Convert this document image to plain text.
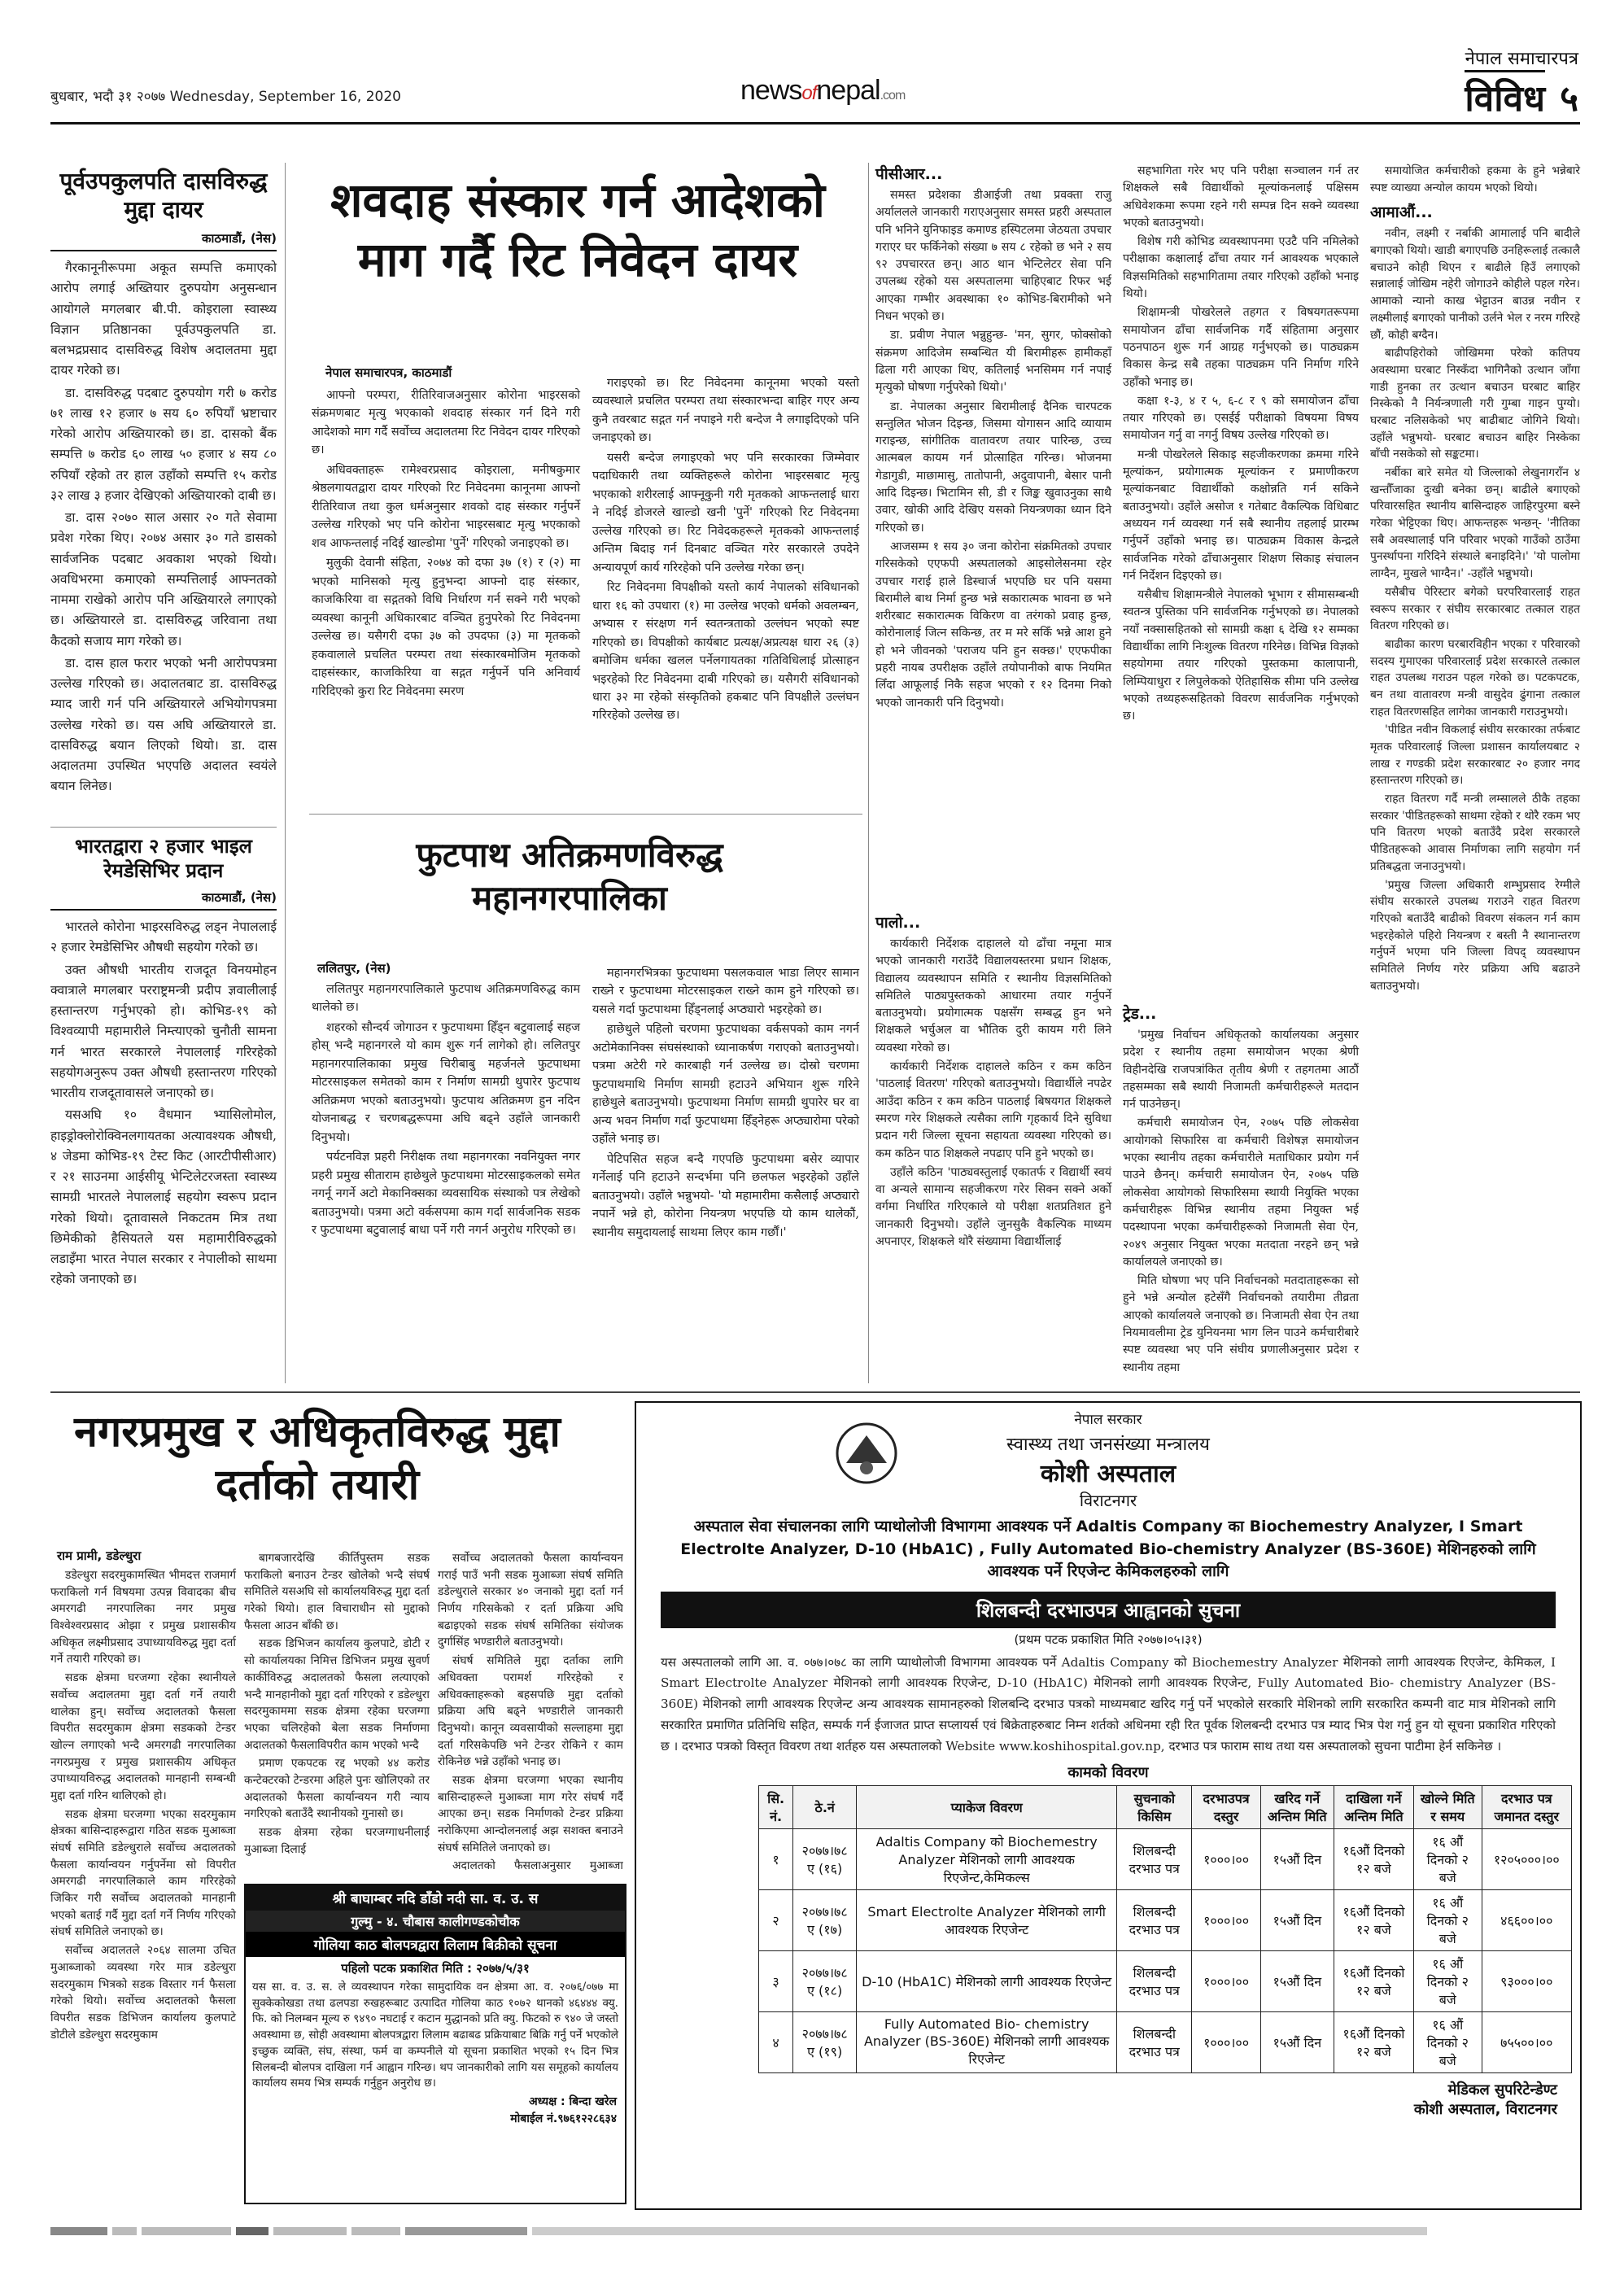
बुधबार, भदौ ३१ २०७७ Wednesday, September 16, 2020	newsofnepal.com
नेपाल समाचारपत्र
विविध ५
पूर्वउपकुलपति दासविरुद्ध मुद्दा दायर
काठमाडौं, (नेस)

गैरकानूनीरूपमा अकूत सम्पत्ति कमाएको आरोप लगाई अख्तियार दुरुपयोग अनुसन्धान आयोगले मगलबार बी.पी. कोइराला स्वास्थ्य विज्ञान प्रतिष्ठानका पूर्वउपकुलपति डा. बलभद्रप्रसाद दासविरुद्ध विशेष अदालतमा मुद्दा दायर गरेको छ।

डा. दासविरुद्ध पदबाट दुरुपयोग गरी ७ करोड ७१ लाख १२ हजार ७ सय ६० रुपियाँ भ्रष्टाचार गरेको आरोप अख्तियारको छ। डा. दासको बैंक सम्पत्ति ७ करोड ६० लाख ५० हजार ४ सय ८० रुपियाँ रहेको तर हाल उहाँको सम्पत्ति १५ करोड ३२ लाख ३ हजार देखिएको अख्तियारको दाबी छ।

डा. दास २०७० साल असार २० गते सेवामा प्रवेश गरेका थिए। २०७४ असार ३० गते डासको सार्वजनिक पदबाट अवकाश भएको थियो। अवधिभरमा कमाएको सम्पत्तिलाई आफ्नतको नाममा राखेको आरोप पनि अख्तियारले लगाएको छ। अख्तियारले डा. दासविरुद्ध जरिवाना तथा कैदको सजाय माग गरेको छ।

डा. दास हाल फरार भएको भनी आरोपपत्रमा उल्लेख गरिएको छ। अदालतबाट डा. दासविरुद्ध म्याद जारी गर्न पनि अख्तियारले अभियोगपत्रमा उल्लेख गरेको छ। यस अघि अख्तियारले डा. दासविरुद्ध बयान लिएको थियो। डा. दास अदालतमा उपस्थित भएपछि अदालत स्वयंले बयान लिनेछ।

भारतद्वारा २ हजार भाइल रेमडेसिभिर प्रदान
काठमाडौं, (नेस)

भारतले कोरोना भाइरसविरुद्ध लड्न नेपाललाई २ हजार रेमडेसिभिर औषधी सहयोग गरेको छ।

उक्त औषधी भारतीय राजदूत विनयमोहन क्वात्राले मगलबार परराष्ट्रमन्त्री प्रदीप ज्ञवालीलाई हस्तान्तरण गर्नुभएको हो। कोभिड-१९ को विश्वव्यापी महामारीले निम्त्याएको चुनौती सामना गर्न भारत सरकारले नेपाललाई गरिरहेको सहयोगअनुरूप उक्त औषधी हस्तान्तरण गरिएको भारतीय राजदूतावासले जनाएको छ।

यसअघि १० वैधमान भ्यासिलोमोल, हाइड्रोक्लोरोक्विनलगायतका अत्यावश्यक औषधी, ४ जेडमा कोभिड-१९ टेस्ट किट (आरटीपीसीआर) र २१ साउनमा आईसीयू भेन्टिलेटरजस्ता स्वास्थ्य सामग्री भारतले नेपाललाई सहयोग स्वरूप प्रदान गरेको थियो। दूतावासले निकटतम मित्र तथा छिमेकीको हैसियतले यस महामारीविरुद्धको लडाइँमा भारत नेपाल सरकार र नेपालीको साथमा रहेको जनाएको छ।

शवदाह संस्कार गर्न आदेशको माग गर्दै रिट निवेदन दायर
नेपाल समाचारपत्र, काठमाडौं

आफ्नो परम्परा, रीतिरिवाजअनुसार कोरोना भाइरसको संक्रमणबाट मृत्यु भएकाको शवदाह संस्कार गर्न दिने गरी आदेशको माग गर्दै सर्वोच्च अदालतमा रिट निवेदन दायर गरिएको छ।

अधिवक्ताहरू रामेश्वरप्रसाद कोइराला, मनीषकुमार श्रेष्ठलगायतद्वारा दायर गरिएको रिट निवेदनमा कानूनमा आफ्नो रीतिरिवाज तथा कुल धर्मअनुसार शवको दाह संस्कार गर्नुपर्ने उल्लेख गरिएको भए पनि कोरोना भाइरसबाट मृत्यु भएकाको शव आफन्तलाई नदिई खाल्डोमा 'पुर्ने' गरिएको जनाइएको छ।

मुलुकी देवानी संहिता, २०७४ को दफा ३७ (१) र (२) मा भएको मानिसको मृत्यु हुनुभन्दा आफ्नो दाह संस्कार, काजकिरिया वा सद्गतको विधि निर्धारण गर्न सक्ने गरी भएको व्यवस्था कानूनी अधिकारबाट वञ्चित हुनुपरेको रिट निवेदनमा उल्लेख छ। यसैगरी दफा ३७ को उपदफा (३) मा मृतकको हकवालाले प्रचलित परम्परा तथा संस्कारबमोजिम मृतकको दाहसंस्कार, काजकिरिया वा सद्गत गर्नुपर्ने पनि अनिवार्य गरिदिएको कुरा रिट निवेदनमा स्मरण

गराइएको छ। रिट निवेदनमा कानूनमा भएको यस्तो व्यवस्थाले प्रचलित परम्परा तथा संस्कारभन्दा बाहिर गएर अन्य कुनै तवरबाट सद्गत गर्न नपाइने गरी बन्देज नै लगाइदिएको पनि जनाइएको छ।

यसरी बन्देज लगाइएको भए पनि सरकारका जिम्मेवार पदाधिकारी तथा व्यक्तिहरूले कोरोना भाइरसबाट मृत्यु भएकाको शरीरलाई आफ्नूकुनी गरी मृतकको आफन्तलाई धारा ने नदिई डोजरले खाल्डो खनी 'पुर्ने' गरिएको रिट निवेदनमा उल्लेख गरिएको छ। रिट निवेदकहरूले मृतकको आफन्तलाई अन्तिम बिदाइ गर्न दिनबाट वञ्चित गरेर सरकारले उपदेने अन्यायपूर्ण कार्य गरिरहेको पनि उल्लेख गरेका छन्।

रिट निवेदनमा विपक्षीको यस्तो कार्य नेपालको संविधानको धारा १६ को उपधारा (१) मा उल्लेख भएको धर्मको अवलम्बन, अभ्यास र संरक्षण गर्न स्वतन्त्रताको उल्लंघन भएको स्पष्ट गरिएको छ। विपक्षीको कार्यबाट प्रत्यक्ष/अप्रत्यक्ष धारा २६ (३) बमोजिम धर्मका खलल पर्नेलगायतका गतिविधिलाई प्रोत्साहन भइरहेको रिट निवेदनमा दाबी गरिएको छ। यसैगरी संविधानको धारा ३२ मा रहेको संस्कृतिको हकबाट पनि विपक्षीले उल्लंघन गरिरहेको उल्लेख छ।

फुटपाथ अतिक्रमणविरुद्ध महानगरपालिका
ललितपुर, (नेस)

ललितपुर महानगरपालिकाले फुटपाथ अतिक्रमणविरुद्ध काम थालेको छ।

शहरको सौन्दर्य जोगाउन र फुटपाथमा हिँड्न बटुवालाई सहज होस् भन्दै महानगरले यो काम शुरू गर्न लागेको हो। ललितपुर महानगरपालिकाका प्रमुख चिरीबाबु महर्जनले फुटपाथमा मोटरसाइकल समेतको काम र निर्माण सामग्री थुपारेर फुटपाथ अतिक्रमण भएको बताउनुभयो। फुटपाथ अतिक्रमण हुन नदिन योजनाबद्ध र चरणबद्धरूपमा अघि बढ्ने उहाँले जानकारी दिनुभयो।

पर्यटनविज्ञ प्रहरी निरीक्षक तथा महानगरका नवनियुक्त नगर प्रहरी प्रमुख सीताराम हाछेथुले फुटपाथमा मोटरसाइकलको समेत नगर्नू नगर्ने अटो मेकानिक्सका व्यवसायिक संस्थाको पत्र लेखेको बताउनुभयो। पत्रमा अटो वर्कसपमा काम गर्दा सार्वजनिक सडक र फुटपाथमा बटुवालाई बाधा पर्ने गरी नगर्न अनुरोध गरिएको छ।

महानगरभित्रका फुटपाथमा पसलकवाल भाडा लिएर सामान राख्ने र फुटपाथमा मोटरसाइकल राख्ने काम हुने गरिएको छ। यसले गर्दा फुटपाथमा हिँड्नलाई अप्ठ्यारो भइरहेको छ।

हाछेथुले पहिलो चरणमा फुटपाथका वर्कसपको काम नगर्न अटोमेकानिक्स संघसंस्थाको ध्यानाकर्षण गराएको बताउनुभयो। पत्रमा अटेरी गरे कारबाही गर्न उल्लेख छ। दोस्रो चरणमा फुटपाथमाथि निर्माण सामग्री हटाउने अभियान शुरू गरिने हाछेथुले बताउनुभयो। फुटपाथमा निर्माण सामग्री थुपारेर घर वा अन्य भवन निर्माण गर्दा फुटपाथमा हिँड्नेहरू अप्ठ्यारोमा परेको उहाँले भनाइ छ।

पेटिपसित सहज बन्दै गएपछि फुटपाथमा बसेर व्यापार गर्नेलाई पनि हटाउने सन्दर्भमा पनि छलफल भइरहेको उहाँले बताउनुभयो। उहाँले भन्नुभयो- 'यो महामारीमा कसैलाई अप्ठ्यारो नपार्ने भन्ने हो, कोरोना नियन्त्रण भएपछि यो काम थालेकौं, स्थानीय समुदायलाई साथमा लिएर काम गर्छौं।'

पीसीआर...

समस्त प्रदेशका डीआईजी तथा प्रवक्ता राजु अर्याललले जानकारी गराएअनुसार समस्त प्रहरी अस्पताल पनि भनिने युनिफाइड कमाण्ड हस्पिटलमा जेठयता उपचार गराएर घर फर्किनेको संख्या ७ सय ८ रहेको छ भने २ सय ९२ उपचाररत छन्। आठ थान भेन्टिलेटर सेवा पनि उपलब्ध रहेको यस अस्पतालमा चाहिएबाट रिफर भई आएका गम्भीर अवस्थाका १० कोभिड-बिरामीको भने निधन भएको छ।

डा. प्रवीण नेपाल भन्नुहुन्छ- 'मन, सुगर, फोक्सोको संक्रमण आदिजेम सम्बन्धित यी बिरामीहरू हामीकहाँ ढिला गरी आएका थिए, कतिलाई भनसिमम गर्न नपाई मृत्युको घोषणा गर्नुपरेको थियो।'

डा. नेपालका अनुसार बिरामीलाई दैनिक चारपटक सन्तुलित भोजन दिइन्छ, जिसमा योगासन आदि व्यायाम गराइन्छ, सांगीतिक वातावरण तयार पारिन्छ, उच्च आत्मबल कायम गर्न प्रोत्साहित गरिन्छ। भोजनमा गेडागुडी, माछामासु, तातोपानी, अदुवापानी, बेसार पानी आदि दिइन्छ। भिटामिन सी, डी र जिङ्क खुवाउनुका साथै उवार, खोकी आदि देखिए यसको नियन्त्रणका ध्यान दिने गरिएको छ।

आजसम्म १ सय ३० जना कोरोना संक्रमितको उपचार गरिसकेको एएफपी अस्पतालको आइसोलेसनमा रहेर उपचार गराई हाले डिस्चार्ज भएपछि घर पनि यसमा बिरामीले बाथ निर्मा हुन्छ भन्ने सकारात्मक भावना छ भने शरीरबाट सकारात्मक विकिरण वा तरंगको प्रवाह हुन्छ, कोरोनालाई जित्न सकिन्छ, तर म मरे सकिँ भन्ने आश हुने हो भने जीवनको 'पराजय पनि हुन सक्छ।' एएफपीका प्रहरी नायब उपरीक्षक उहाँले तयोपानीको बाफ नियमित लिँदा आफूलाई निकै सहज भएको र १२ दिनमा निको भएको जानकारी पनि दिनुभयो।

पालो...

कार्यकारी निर्देशक दाहालले यो ढाँचा नमूना मात्र भएको जानकारी गराउँदै विद्यालयस्तरमा प्रधान शिक्षक, विद्यालय व्यवस्थापन समिति र स्थानीय विज्ञसमितिको समितिले पाठ्यपुस्तकको आधारमा तयार गर्नुपर्ने बताउनुभयो। प्रयोगात्मक पक्षसँग सम्बद्ध हुन भने शिक्षकले भर्चुअल वा भौतिक दुरी कायम गरी लिने व्यवस्था गरेको छ।

कार्यकारी निर्देशक दाहालले कठिन र कम कठिन 'पाठलाई वितरण' गरिएको बताउनुभयो। विद्यार्थीले नपढेर आउँदा कठिन र कम कठिन पाठलाई बिषयगत शिक्षकले स्मरण गरेर शिक्षकले त्यसैका लागि गृहकार्य दिने सुविधा प्रदान गरी जिल्ला सूचना सहायता व्यवस्था गरिएको छ। कम कठिन पाठ शिक्षकले नपढाए पनि हुने भएको छ।

उहाँले कठिन 'पाठ्यवस्तुलाई एकातर्फ र विद्यार्थी स्वयं वा अन्यले सामान्य सहजीकरण गरेर सिक्न सक्ने अर्को वर्गमा निर्धारित गरिएकाले यो परीक्षा शतप्रतिशत हुने जानकारी दिनुभयो। उहाँले जुनसुकै वैकल्पिक माध्यम अपनाएर, शिक्षकले थोरै संख्यामा विद्यार्थीलाई

सहभागिता गरेर भए पनि परीक्षा सञ्चालन गर्न तर शिक्षकले सबै विद्यार्थीको मूल्यांकनलाई पक्षिसम अधिवेशकमा रूपमा रहने गरी सम्पन्न दिन सक्ने व्यवस्था भएको बताउनुभयो।

विशेष गरी कोभिड व्यवस्थापनमा एउटै पनि नमिलेको परीक्षाका कक्षालाई ढाँचा तयार गर्न आवश्यक भएकाले विज्ञसमितिको सहभागितामा तयार गरिएको उहाँको भनाइ थियो।

शिक्षामन्त्री पोखरेलले तहगत र विषयगतरूपमा समायोजन ढाँचा सार्वजनिक गर्दै संहितामा अनुसार पठनपाठन शुरू गर्न आग्रह गर्नुभएको छ। पाठ्यक्रम विकास केन्द्र सबै तहका पाठ्यक्रम पनि निर्माण गरिने उहाँको भनाइ छ।

कक्षा १-३, ४ र ५, ६-८ र ९ को समायोजन ढाँचा तयार गरिएको छ। एसईई परीक्षाको विषयमा विषय समायोजन गर्नु वा नगर्नु विषय उल्लेख गरिएको छ।

मन्त्री पोखरेलले सिकाइ सहजीकरणका क्रममा गरिने मूल्यांकन, प्रयोगात्मक मूल्यांकन र प्रमाणीकरण मूल्यांकनबाट विद्यार्थीको कक्षोन्नति गर्न सकिने बताउनुभयो। उहाँले असोज १ गतेबाट वैकल्पिक विधिबाट अध्ययन गर्न व्यवस्था गर्न सबै स्थानीय तहलाई प्रारम्भ गर्नुपर्ने उहाँको भनाइ छ। पाठ्यक्रम विकास केन्द्रले सार्वजनिक गरेको ढाँचाअनुसार शिक्षण सिकाइ संचालन गर्न निर्देशन दिइएको छ।

यसैबीच शिक्षामन्त्रीले नेपालको भूभाग र सीमासम्बन्धी स्वतन्त्र पुस्तिका पनि सार्वजनिक गर्नुभएको छ। नेपालको नयाँ नक्सासहितको सो सामग्री कक्षा ६ देखि १२ सम्मका विद्यार्थीका लागि निःशुल्क वितरण गरिनेछ। विभिन्न विज्ञको सहयोगमा तयार गरिएको पुस्तकमा कालापानी, लिम्पियाधुरा र लिपुलेकको ऐतिहासिक सीमा पनि उल्लेख भएको तथ्यहरूसहितको विवरण सार्वजनिक गर्नुभएको छ।

ट्रेड...

'प्रमुख निर्वाचन अधिकृतको कार्यालयका अनुसार प्रदेश र स्थानीय तहमा समायोजन भएका श्रेणी विहीनदेखि राजपत्रांकित तृतीय श्रेणी र तहगतमा आठौं तहसम्मका सबै स्थायी निजामती कर्मचारीहरूले मतदान गर्न पाउनेछन्।

कर्मचारी समायोजन ऐन, २०७५ पछि लोकसेवा आयोगको सिफारिस वा कर्मचारी विशेषज्ञ समायोजन भएका स्थानीय तहका कर्मचारीले मताधिकार प्रयोग गर्न पाउने छैनन्। कर्मचारी समायोजन ऐन, २०७५ पछि लोकसेवा आयोगको सिफारिसमा स्थायी नियुक्ति भएका कर्मचारीहरू विभिन्न स्थानीय तहमा नियुक्त भई पदस्थापना भएका कर्मचारीहरूको निजामती सेवा ऐन, २०४९ अनुसार नियुक्त भएका मतदाता नरहने छन् भन्ने कार्यालयले जनाएको छ।

मिति घोषणा भए पनि निर्वाचनको मतदाताहरूका सो हुने भन्ने अन्योल हटेसँगै निर्वाचनको तयारीमा तीव्रता आएको कार्यालयले जनाएको छ। निजामती सेवा ऐन तथा नियमावलीमा ट्रेड युनियनमा भाग लिन पाउने कर्मचारीबारे स्पष्ट व्यवस्था भए पनि संघीय प्रणालीअनुसार प्रदेश र स्थानीय तहमा

समायोजित कर्मचारीको हकमा के हुने भन्नेबारे स्पष्ट व्याख्या अन्योल कायम भएको थियो।

आमाऔं...

नवीन, लक्ष्मी र नर्बाकी आमालाई पनि बादीले बगाएको थियो। खाडी बगाएपछि उनहिरूलाई तत्कालै बचाउने कोही थिएन र बाढीले हिउँ लगाएको सन्नालाई जोखिम नहेरी जोगाउने कोहीले पहल गरेन। आमाको न्यानो काख भेट्टाउन बाउन्न नवीन र लक्ष्मीलाई बगाएको पानीको उर्लने भेल र नरम गरिरहे छौं, कोही बग्दैन।

बाढीपहिरोको जोखिममा परेको कतिपय अवस्थामा घरबाट निस्कँदा भागिनैको उत्थान जाँगा गाडी हुनका तर उत्थान बचाउन घरबाट बाहिर निस्केको नै निर्यन्त्रणाली गरी गुम्बा गाइन पुग्यो। घरबाट नलिसकेको भए बाढीबाट जोगिने थियो। उहाँले भन्नुभयो- घरबाट बचाउन बाहिर निस्केका बाँची नसकेको सो सङ्कटमा।

नर्बीका बारे समेत यो जिल्लाको लेखुनागराँन ४ खन्तौँजाका दुःखी बनेका छन्। बाढीले बगाएको परिवारसहित स्थानीय बासिन्दाहरु जाहिरपुरमा बस्ने गरेका भेट्टिएका थिए। आफन्तहरू भन्छन्- 'नीतिका सबै अवस्थालाई पनि परिवार भएको गाउँको ठाउँमा पुनर्स्थापना गरिदिने संस्थाले बनाइदिने।' 'यो पालोमा लाग्दैन, मुखले भाग्दैन।' -उहाँले भन्नुभयो।

यसैबीच पेरिस्टार बगेको घरपरिवारलाई राहत स्वरूप सरकार र संघीय सरकारबाट तत्काल राहत वितरण गरिएको छ।

बाढीका कारण घरबारविहीन भएका र परिवारको सदस्य गुमाएका परिवारलाई प्रदेश सरकारले तत्काल राहत उपलब्ध गराउन पहल गरेको छ। पटकपटक, बन तथा वातावरण मन्त्री वासुदेव ढुंगाना तत्काल राहत वितरणसहित लागेका जानकारी गराउनुभयो।

'पीडित नवीन विकलाई संघीय सरकारका तर्फबाट मृतक परिवारलाई जिल्ला प्रशासन कार्यालयबाट २ लाख र गण्डकी प्रदेश सरकारबाट २० हजार नगद हस्तान्तरण गरिएको छ।

राहत वितरण गर्दै मन्त्री लम्सालले ठीकै तहका सरकार 'पीडितहरूको साथमा रहेको र थोरै रकम भए पनि वितरण भएको बताउँदै प्रदेश सरकारले पीडितहरूको आवास निर्माणका लागि सहयोग गर्न प्रतिबद्धता जनाउनुभयो।

'प्रमुख जिल्ला अधिकारी शम्भुप्रसाद रेग्मीले संघीय सरकारले उपलब्ध गराउने राहत वितरण गरिएको बताउँदै बाढीको विवरण संकलन गर्न काम भइरहेकोले पहिरो नियन्त्रण र बस्ती नै स्थानान्तरण गर्नुपर्ने भएमा पनि जिल्ला विपद् व्यवस्थापन समितिले निर्णय गरेर प्रक्रिया अघि बढाउने बताउनुभयो।

नगरप्रमुख र अधिकृतविरुद्ध मुद्दा दर्ताको तयारी
राम प्रामी, डडेल्धुरा

डडेल्धुरा सदरमुकामस्थित भीमदत्त राजमार्ग फराकिलो गर्न विषयमा उत्पन्न विवादका बीच अमरगढी नगरपालिका नगर प्रमुख विश्वेश्वरप्रसाद ओझा र प्रमुख प्रशासकीय अधिकृत लक्ष्मीप्रसाद उपाध्यायविरुद्ध मुद्दा दर्ता गर्ने तयारी गरिएको छ।

सडक क्षेत्रमा घरजग्गा रहेका स्थानीयले सर्वोच्च अदालतमा मुद्दा दर्ता गर्ने तयारी थालेका हुन्। सर्वोच्च अदालतको फैसला विपरीत सदरमुकाम क्षेत्रमा सडकको टेन्डर खोल्न लगाएको भन्दै अमरगढी नगरपालिका नगरप्रमुख र प्रमुख प्रशासकीय अधिकृत उपाध्यायविरुद्ध अदालतको मानहानी सम्बन्धी मुद्दा दर्ता गरिन थालिएको हो।

सडक क्षेत्रमा घरजग्गा भएका सदरमुकाम क्षेत्रका बासिन्दाहरूद्वारा गठित सडक मुआब्जा संघर्ष समिति डडेल्धुराले सर्वोच्च अदालतको फैसला कार्यान्वयन गर्नुपर्नेमा सो विपरीत अमरगढी नगरपालिकाले काम गरिरहेको जिकिर गरी सर्वोच्च अदालतको मानहानी भएको बताई गर्दै मुद्दा दर्ता गर्ने निर्णय गरिएको संघर्ष समितिले जनाएको छ।

सर्वोच्च अदालतले २०६४ सालमा उचित मुआब्जाको व्यवस्था गरेर मात्र डडेल्धुरा सदरमुकाम भित्रको सडक विस्तार गर्न फैसला गरेको थियो। सर्वोच्च अदालतको फैसला विपरीत सडक डिभिजन कार्यालय कुलपाटे डोटीले डडेल्धुरा सदरमुकाम

बागबजारदेखि कीर्तिपुस्तम सडक फराकिलो बनाउन टेन्डर खोलेको भन्दै संघर्ष समितिले यसअघि सो कार्यालयविरुद्ध मुद्दा दर्ता गरेको थियो। हाल विचाराधीन सो मुद्दाको फैसला आउन बाँकी छ।

सडक डिभिजन कार्यालय कुलपाटे, डोटी र सो कार्यालयका निमित्त डिभिजन प्रमुख सुवर्ण कार्कीविरुद्ध अदालतको फैसला लत्याएको भन्दै मानहानीको मुद्दा दर्ता गरिएको र डडेल्धुरा सदरमुकाममा सडक क्षेत्रमा रहेका घरजग्गा भएका चलिरहेको बेला सडक निर्माणमा अदालतको फैसलाविपरीत काम भएको भन्दै

प्रमाण एकपटक रद्द भएको ४४ करोड कन्टेक्टरको टेन्डरमा अहिले पुनः खोलिएको तर अदालतको फैसला कार्यान्वयन गरी न्याय नगरिएको बताउँदै स्थानीयको गुनासो छ।

सडक क्षेत्रमा रहेका घरजग्गाधनीलाई मुआब्जा दिलाई

सर्वोच्च अदालतको फैसला कार्यान्वयन गराई पाउँ भनी सडक मुआब्जा संघर्ष समिति डडेल्धुराले सरकार ४० जनाको मुद्दा दर्ता गर्न निर्णय गरिसकेको र दर्ता प्रक्रिया अघि बढाइएको सडक संघर्ष समितिका संयोजक दुर्गासिंह भण्डारीले बताउनुभयो।

संघर्ष समितिले मुद्दा दर्ताका लागि अधिवक्ता परामर्श गरिरहेको र अधिवक्ताहरूको बहसपछि मुद्दा दर्ताको प्रक्रिया अघि बढ्ने भण्डारीले जानकारी दिनुभयो। कानून व्यवसायीको सल्लाहमा मुद्दा दर्ता गरिसकेपछि भने टेन्डर रोकिने र काम रोकिनेछ भन्ने उहाँको भनाइ छ।

सडक क्षेत्रमा घरजग्गा भएका स्थानीय बासिन्दाहरूले मुआब्जा माग गरेर संघर्ष गर्दै आएका छन्। सडक निर्माणको टेन्डर प्रक्रिया नरोकिएमा आन्दोलनलाई अझ सशक्त बनाउने संघर्ष समितिले जनाएको छ।

अदालतको फैसलाअनुसार मुआब्जा

श्री बाघाम्बर नदि डाँडो नदी सा. व. उ. स
गुल्मु - ४. चौबास कालीगण्डकोचौक
गोलिया काठ बोलपत्रद्वारा लिलाम बिक्रीको सूचना
पहिलो पटक प्रकाशित मिति : २०७७/५/३१
यस सा. व. उ. स. ले व्यवस्थापन गरेका सामुदायिक वन क्षेत्रमा आ. व. २०७६/०७७ मा सुक्केकोखडा तथा ढलपडा रुखहरूबाट उत्पादित गोलिया काठ १०७२ थानको ४६४४४ क्यु. फि. को निलम्बन मूल्य रु ९४९० नघटाई र कटान मुद्धानको प्रति क्यु. फिटको रु ९४० जे जस्तो अवस्थामा छ, सोही अवस्थामा बोलपत्रद्वारा लिलाम बढाबढ प्रक्रियाबाट बिक्रि गर्नु पर्ने भएकोले इच्छुक व्यक्ति, संघ, संस्था, फर्म वा कम्पनीले यो सूचना प्रकाशित भएको १५ दिन भित्र सिलबन्दी बोलपत्र दाखिला गर्न आह्वान गरिन्छ। थप जानकारीको लागि यस समूहको कार्यालय कार्यालय समय भित्र सम्पर्क गर्नुहुन अनुरोध छ।
अध्यक्ष : बिन्दा खरेल
मोबाईल नं.९७६१२२८६३४
नेपाल सरकार
स्वास्थ्य तथा जनसंख्या मन्त्रालय
कोशी अस्पताल
विराटनगर
अस्पताल सेवा संचालनका लागि प्याथोलोजी विभागमा आवश्यक पर्ने Adaltis Company का Biochemestry Analyzer, I Smart Electrolte Analyzer, D-10 (HbA1C) , Fully Automated Bio-chemistry Analyzer (BS-360E) मेशिनहरुको लागि आवश्यक पर्ने रिएजेन्ट केमिकलहरुको लागि
शिलबन्दी दरभाउपत्र आह्वानको सुचना
(प्रथम पटक प्रकाशित मिति २०७७।०५।३१)
यस अस्पतालको लागि आ. व. ०७७।०७८ का लागि प्याथोलोजी विभागमा आवश्यक पर्ने Adaltis Company को Biochemestry Analyzer मेशिनको लागी आवश्यक रिएजेन्ट, केमिकल, I Smart Electrolte Analyzer मेशिनको लागी आवश्यक रिएजेन्ट, D-10 (HbA1C) मेशिनको लागी आवश्यक रिएजेन्ट, Fully Automated Bio- chemistry Analyzer (BS-360E) मेशिनको लागी आवश्यक रिएजेन्ट अन्य आवश्यक सामानहरुको शिलबन्दि दरभाउ पत्रको माध्यमबाट खरिद गर्नु पर्ने भएकोले सरकारि मेशिनको लागि सरकारित कम्पनी वाट मात्र मेशिनको लागि सरकारित प्रमाणित प्रतिनिधि सहित, सम्पर्क गर्न ईजाजत प्राप्त सप्लायर्स एवं बिक्रेताहरुबाट निम्न शर्तको अधिनमा रही रित पूर्वक शिलबन्दी दरभाउ पत्र म्याद भित्र पेश गर्नु हुन यो सूचना प्रकाशित गरिएको छ । दरभाउ पत्रको विस्तृत विवरण तथा शर्तहरु यस अस्पतालको Website www.koshihospital.gov.np, दरभाउ पत्र फाराम साथ तथा यस अस्पतालको सुचना पाटीमा हेर्न सकिनेछ ।
कामको विवरण
सि. नं.	ठे.नं	प्याकेज विवरण	सुचनाको किसिम	दरभाउपत्र दस्तुर	खरिद गर्ने अन्तिम मिति	दाखिला गर्ने अन्तिम मिति	खोल्ने मिति र समय	दरभाउ पत्र जमानत दस्तुर
१	२०७७।७८ ए (१६)	Adaltis Company को Biochemestry Analyzer मेशिनको लागी आवश्यक रिएजेन्ट,केमिकल्स	शिलबन्दी दरभाउ पत्र	१०००।००	१५औं दिन	१६औं दिनको १२ बजे	१६ औं दिनको २ बजे	१२०५०००।००
२	२०७७।७८ ए (१७)	Smart Electrolte Analyzer मेशिनको लागी आवश्यक रिएजेन्ट	शिलबन्दी दरभाउ पत्र	१०००।००	१५औं दिन	१६औं दिनको १२ बजे	१६ औं दिनको २ बजे	४६६००।००
३	२०७७।७८ ए (१८)	D-10 (HbA1C) मेशिनको लागी आवश्यक रिएजेन्ट	शिलबन्दी दरभाउ पत्र	१०००।००	१५औं दिन	१६औं दिनको १२ बजे	१६ औं दिनको २ बजे	९३०००।००
४	२०७७।७८ ए (१९)	Fully Automated Bio- chemistry Analyzer (BS-360E) मेशिनको लागी आवश्यक रिएजेन्ट	शिलबन्दी दरभाउ पत्र	१०००।००	१५औं दिन	१६औं दिनको १२ बजे	१६ औं दिनको २ बजे	७५५००।००
मेडिकल सुपरिटेन्डेण्ट
कोशी अस्पताल, विराटनगर
